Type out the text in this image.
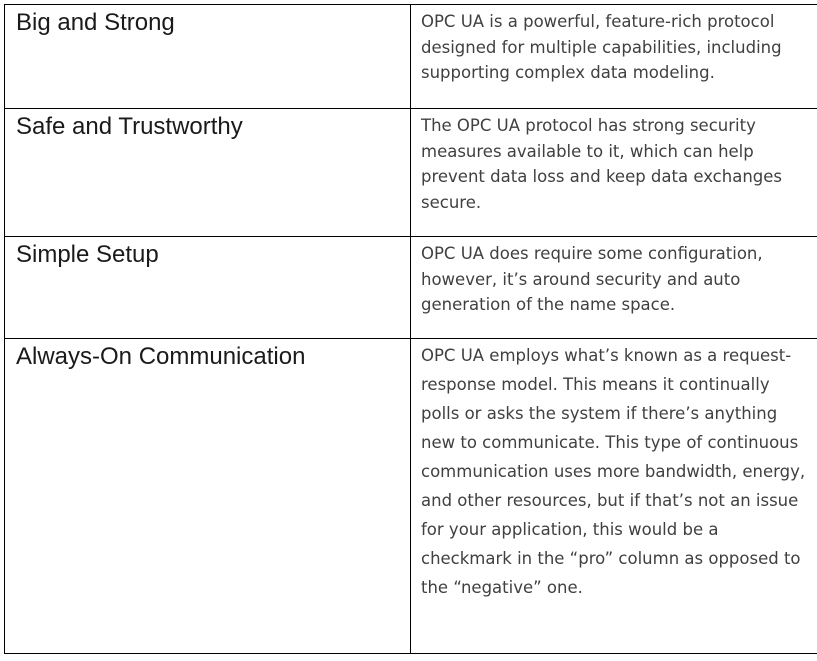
Big and Strong	OPC UA is a powerful, feature-rich protocol designed for multiple capabilities, including supporting complex data modeling.

Safe and Trustworthy	The OPC UA protocol has strong security measures available to it, which can help prevent data loss and keep data exchanges secure.

Simple Setup	OPC UA does require some configuration, however, it’s around security and auto generation of the name space.

Always-On Communication	OPC UA employs what’s known as a request-response model. This means it continually polls or asks the system if there’s anything new to communicate. This type of continuous communication uses more bandwidth, energy, and other resources, but if that’s not an issue for your application, this would be a checkmark in the “pro” column as opposed to the “negative” one.
